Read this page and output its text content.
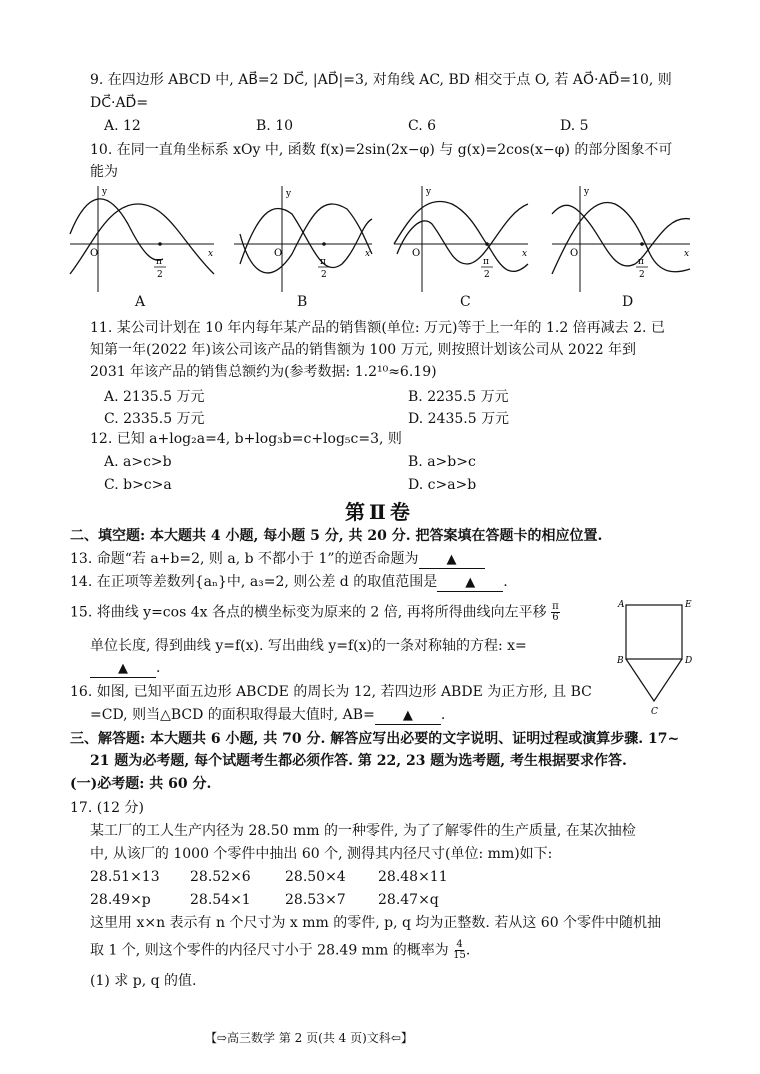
9. 在四边形 ABCD 中, AB⃗=2 DC⃗, |AD⃗|=3, 对角线 AC, BD 相交于点 O, 若 AO⃗·AD⃗=10, 则
DC⃗·AD⃗=
A. 12	B. 10	C. 6	D. 5
10. 在同一直角坐标系 xOy 中, 函数 f(x)=2sin(2x−φ) 与 g(x)=2cos(x−φ) 的部分图象不可
能为
y
x
O
π
2
A
y
x
O
π
2
B
y
x
O
π
2
C
y
x
O
π
2
D
11. 某公司计划在 10 年内每年某产品的销售额(单位: 万元)等于上一年的 1.2 倍再减去 2. 已
知第一年(2022 年)该公司该产品的销售额为 100 万元, 则按照计划该公司从 2022 年到
2031 年该产品的销售总额约为(参考数据: 1.2¹⁰≈6.19)
A. 2135.5 万元	B. 2235.5 万元
C. 2335.5 万元	D. 2435.5 万元
12. 已知 a+log₂a=4, b+log₃b=c+log₅c=3, 则
A. a>c>b	B. a>b>c
C. b>c>a	D. c>a>b
第Ⅱ卷
二、填空题: 本大题共 4 小题, 每小题 5 分, 共 20 分. 把答案填在答题卡的相应位置.
13. 命题“若 a+b=2, 则 a, b 不都小于 1”的逆否命题为 ▲
14. 在正项等差数列{aₙ}中, a₃=2, 则公差 d 的取值范围是 ▲ .
15. 将曲线 y=cos 4x 各点的横坐标变为原来的 2 倍, 再将所得曲线向左平移 $\frac{\pi}{6}$
单位长度, 得到曲线 y=f(x). 写出曲线 y=f(x)的一条对称轴的方程: x=
▲ .
A	E
B	D
C
16. 如图, 已知平面五边形 ABCDE 的周长为 12, 若四边形 ABDE 为正方形, 且 BC
=CD, 则当△BCD 的面积取得最大值时, AB= ▲ .
三、解答题: 本大题共 6 小题, 共 70 分. 解答应写出必要的文字说明、证明过程或演算步骤. 17~
21 题为必考题, 每个试题考生都必须作答. 第 22, 23 题为选考题, 考生根据要求作答.
(一)必考题: 共 60 分.
17. (12 分)
某工厂的工人生产内径为 28.50 mm 的一种零件, 为了了解零件的生产质量, 在某次抽检
中, 从该厂的 1000 个零件中抽出 60 个, 测得其内径尺寸(单位: mm)如下:
28.51×13 28.52×6 28.50×4 28.48×11
28.49×p	28.54×1 28.53×7 28.47×q
这里用 x×n 表示有 n 个尺寸为 x mm 的零件, p, q 均为正整数. 若从这 60 个零件中随机抽
取 1 个, 则这个零件的内径尺寸小于 28.49 mm 的概率为 $\frac{4}{15}$ .
(1) 求 p, q 的值.
【⇨高三数学 第 2 页(共 4 页)文科⇦】
